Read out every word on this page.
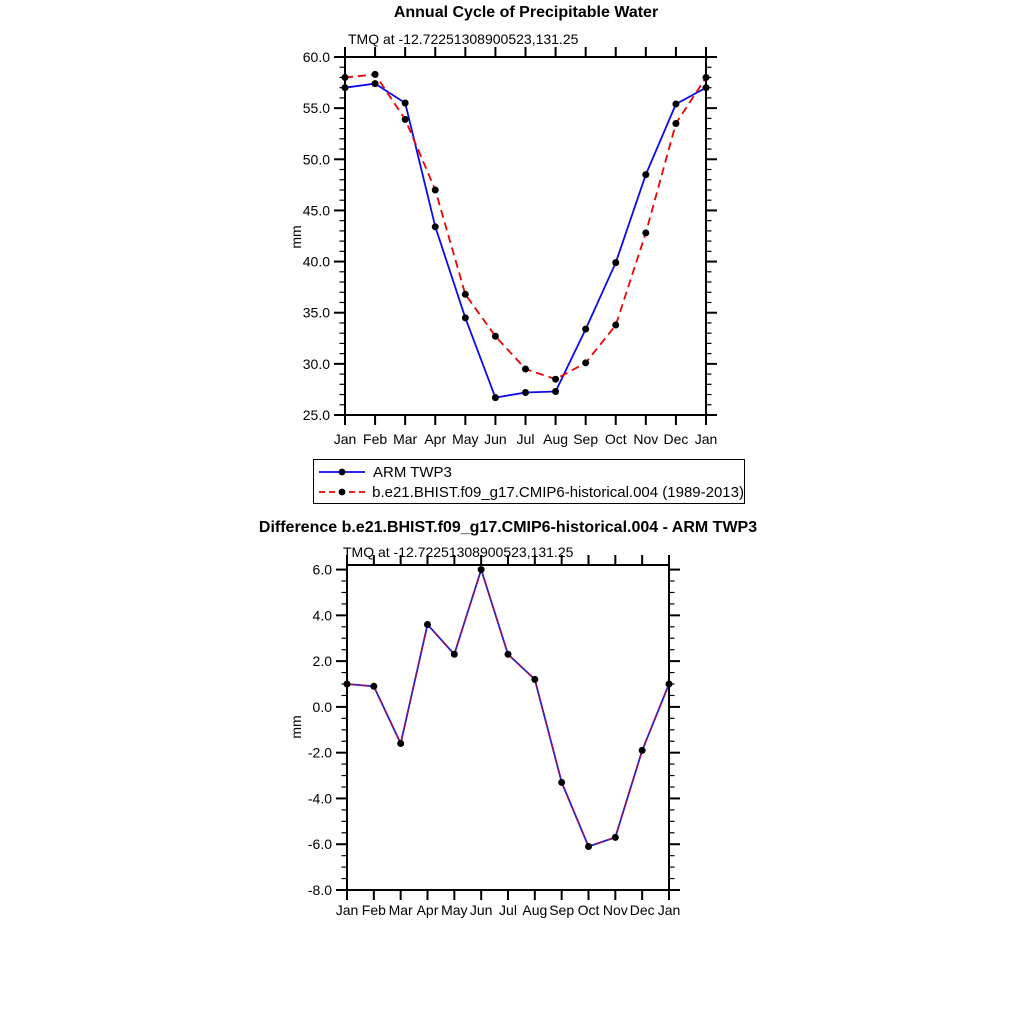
25.0
30.0
35.0
40.0
45.0
50.0
55.0
60.0
Jan Feb Mar Apr May Jun Jul Aug Sep Oct Nov Dec Jan
-8.0
-6.0
-4.0
-2.0
0.0
2.0
4.0
6.0
Jan Feb Mar Apr May Jun Jul Aug Sep Oct Nov Dec Jan
Annual Cycle of Precipitable Water
TMQ at -12.72251308900523,131.25
mm
ARM TWP3
b.e21.BHIST.f09_g17.CMIP6-historical.004 (1989-2013)
Difference b.e21.BHIST.f09_g17.CMIP6-historical.004 - ARM TWP3
TMQ at -12.72251308900523,131.25
mm
